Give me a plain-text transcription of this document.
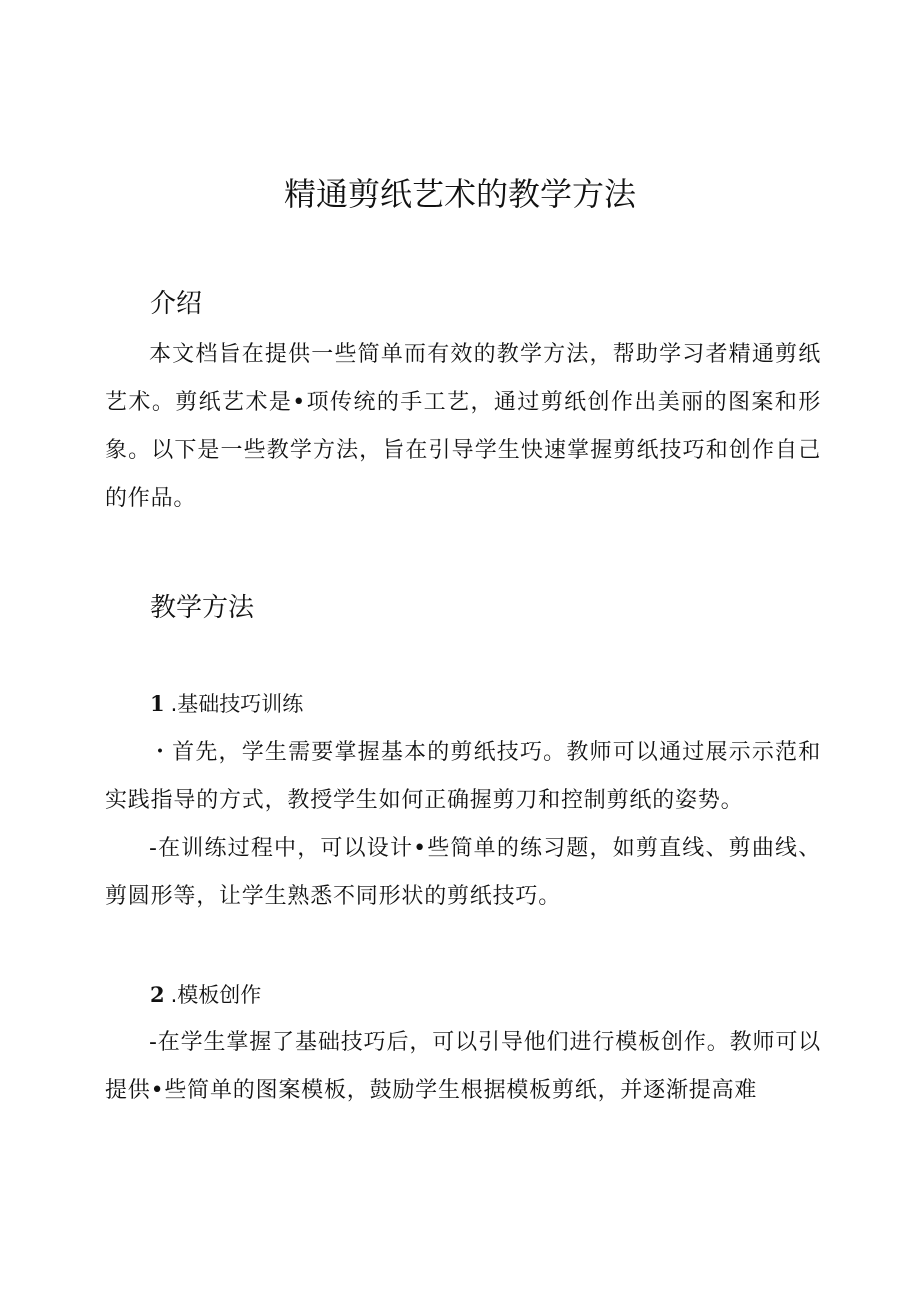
精通剪纸艺术的教学方法
介绍

本文档旨在提供一些简单而有效的教学方法，帮助学习者精通剪纸艺术。剪纸艺术是•项传统的手工艺，通过剪纸创作出美丽的图案和形象。以下是一些教学方法，旨在引导学生快速掌握剪纸技巧和创作自己的作品。

教学方法
1 .基础技巧训练

・首先，学生需要掌握基本的剪纸技巧。教师可以通过展示示范和实践指导的方式，教授学生如何正确握剪刀和控制剪纸的姿势。

-在训练过程中，可以设计•些简单的练习题，如剪直线、剪曲线、剪圆形等，让学生熟悉不同形状的剪纸技巧。

2 .模板创作

-在学生掌握了基础技巧后，可以引导他们进行模板创作。教师可以提供•些简单的图案模板，鼓励学生根据模板剪纸，并逐渐提高难
